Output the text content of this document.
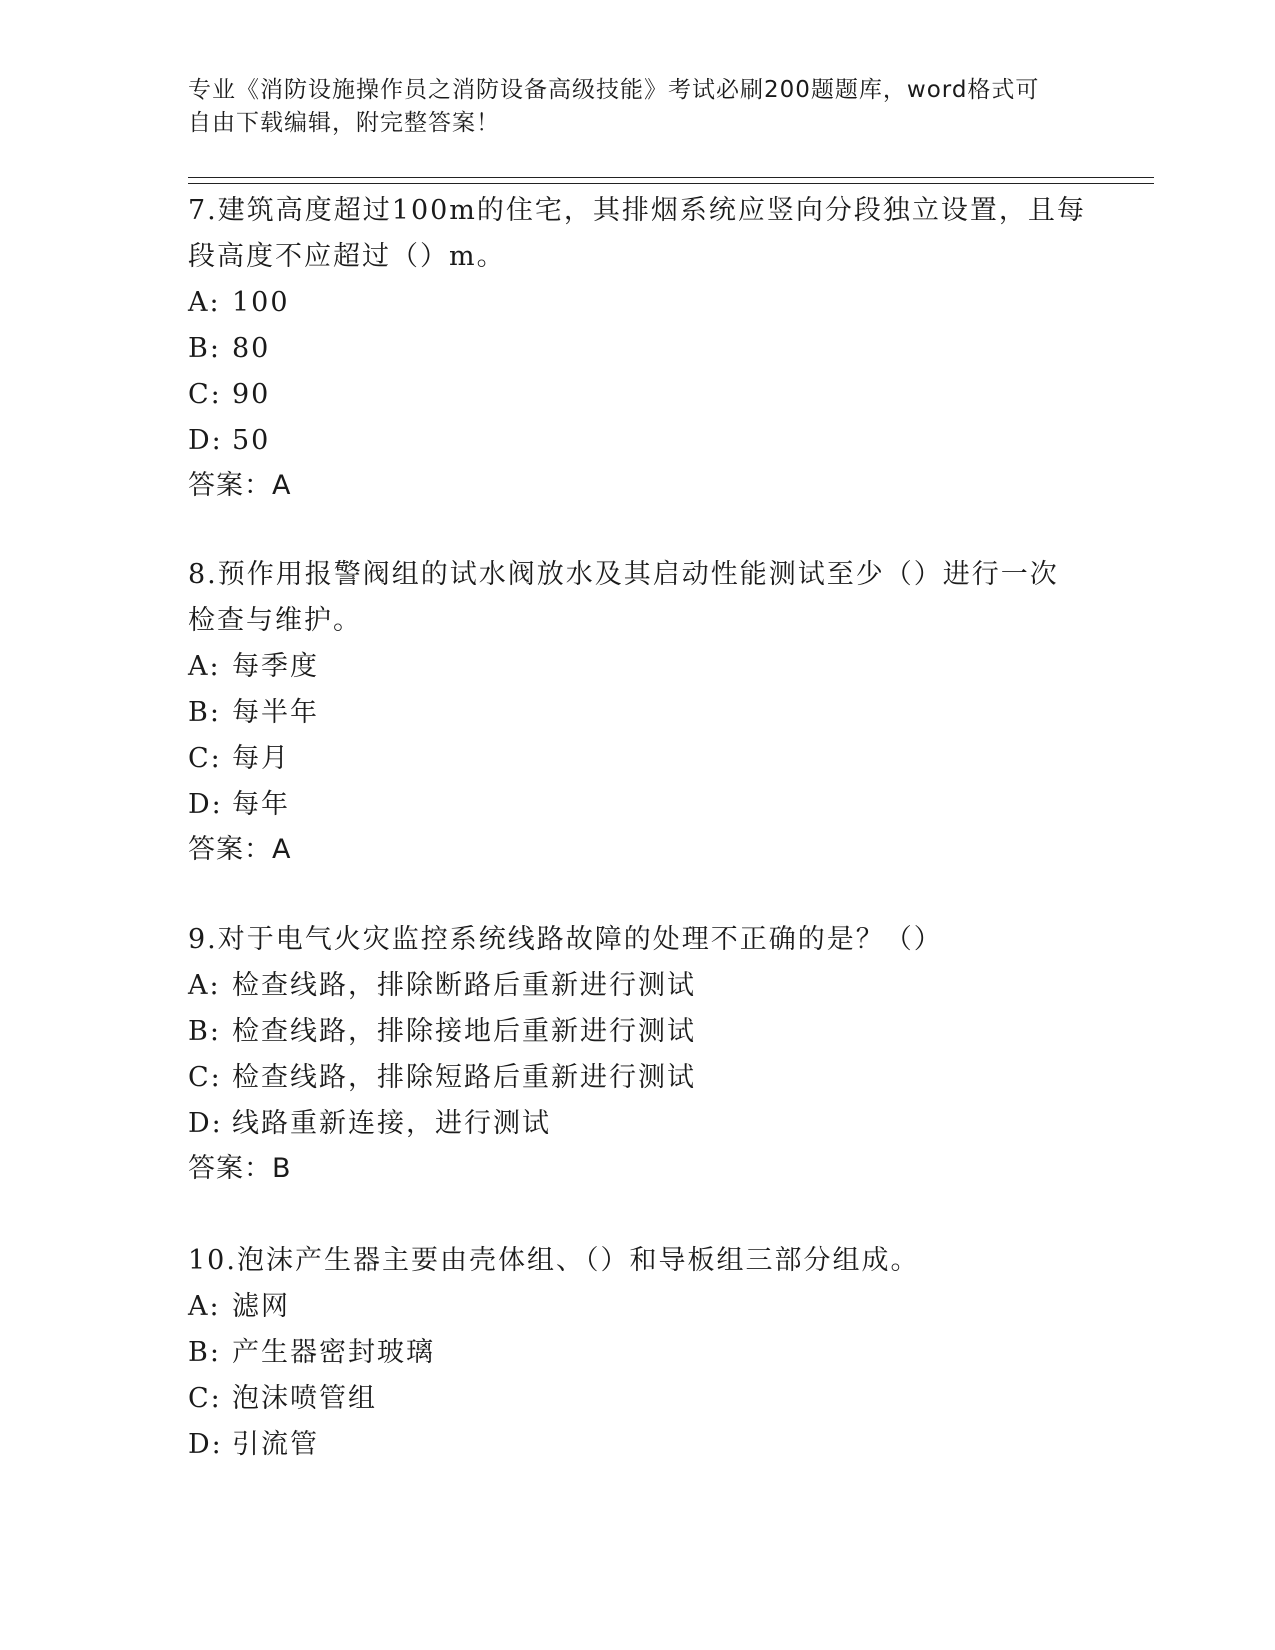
专业《消防设施操作员之消防设备高级技能》考试必刷200题题库，word格式可
自由下载编辑，附完整答案！
7.建筑高度超过100m的住宅，其排烟系统应竖向分段独立设置，且每
段高度不应超过（）m。
A: 100
B: 80
C: 90
D: 50
答案：A
8.预作用报警阀组的试水阀放水及其启动性能测试至少（）进行一次
检查与维护。
A: 每季度
B: 每半年
C: 每月
D: 每年
答案：A
9.对于电气火灾监控系统线路故障的处理不正确的是？（）
A: 检查线路，排除断路后重新进行测试
B: 检查线路，排除接地后重新进行测试
C: 检查线路，排除短路后重新进行测试
D: 线路重新连接，进行测试
答案：B
10.泡沫产生器主要由壳体组、（）和导板组三部分组成。
A: 滤网
B: 产生器密封玻璃
C: 泡沫喷管组
D: 引流管
